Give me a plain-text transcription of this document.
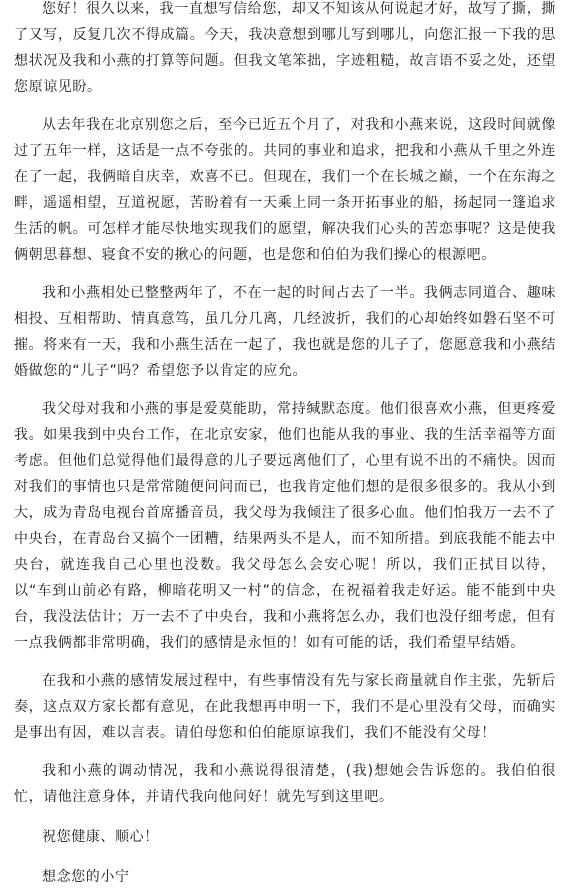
您好！很久以来，我一直想写信给您，却又不知该从何说起才好，故写了撕，撕了又写，反复几次不得成篇。今天，我决意想到哪儿写到哪儿，向您汇报一下我的思想状况及我和小燕的打算等问题。但我文笔笨拙，字迹粗糙，故言语不妥之处，还望您原谅见盼。

从去年我在北京别您之后，至今已近五个月了，对我和小燕来说，这段时间就像过了五年一样，这话是一点不夸张的。共同的事业和追求，把我和小燕从千里之外连在了一起，我俩暗自庆幸，欢喜不已。但现在，我们一个在长城之巅，一个在东海之畔，遥遥相望，互道祝愿，苦盼着有一天乘上同一条开拓事业的船，扬起同一篷追求生活的帆。可怎样才能尽快地实现我们的愿望，解决我们心头的苦恋事呢？这是使我俩朝思暮想、寝食不安的揪心的问题，也是您和伯伯为我们操心的根源吧。

我和小燕相处已整整两年了，不在一起的时间占去了一半。我俩志同道合、趣味相投、互相帮助、情真意笃，虽几分几离，几经波折，我们的心却始终如磐石坚不可摧。将来有一天，我和小燕生活在一起了，我也就是您的儿子了，您愿意我和小燕结婚做您的“儿子”吗？希望您予以肯定的应允。

我父母对我和小燕的事是爱莫能助，常持缄默态度。他们很喜欢小燕，但更疼爱我。如果我到中央台工作，在北京安家，他们也能从我的事业、我的生活幸福等方面考虑。但他们总觉得他们最得意的儿子要远离他们了，心里有说不出的不痛快。因而对我们的事情也只是常常随便问问而已，也我肯定他们想的是很多很多的。我从小到大，成为青岛电视台首席播音员，我父母为我倾注了很多心血。他们怕我万一去不了中央台，在青岛台又搞个一团糟，结果两头不是人，而不知所措。到底我能不能去中央台，就连我自己心里也没数。我父母怎么会安心呢！所以，我们正拭目以待，以“车到山前必有路，柳暗花明又一村”的信念，在祝福着我走好运。能不能到中央台，我没法估计；万一去不了中央台，我和小燕将怎么办，我们也没仔细考虑，但有一点我俩都非常明确，我们的感情是永恒的！如有可能的话，我们希望早结婚。

在我和小燕的感情发展过程中，有些事情没有先与家长商量就自作主张，先斩后奏，这点双方家长都有意见，在此我想再申明一下，我们不是心里没有父母，而确实是事出有因，难以言表。请伯母您和伯伯能原谅我们，我们不能没有父母！

我和小燕的调动情况，我和小燕说得很清楚，(我)想她会告诉您的。我伯伯很忙，请他注意身体，并请代我向他问好！就先写到这里吧。

祝您健康、顺心！

想念您的小宁
